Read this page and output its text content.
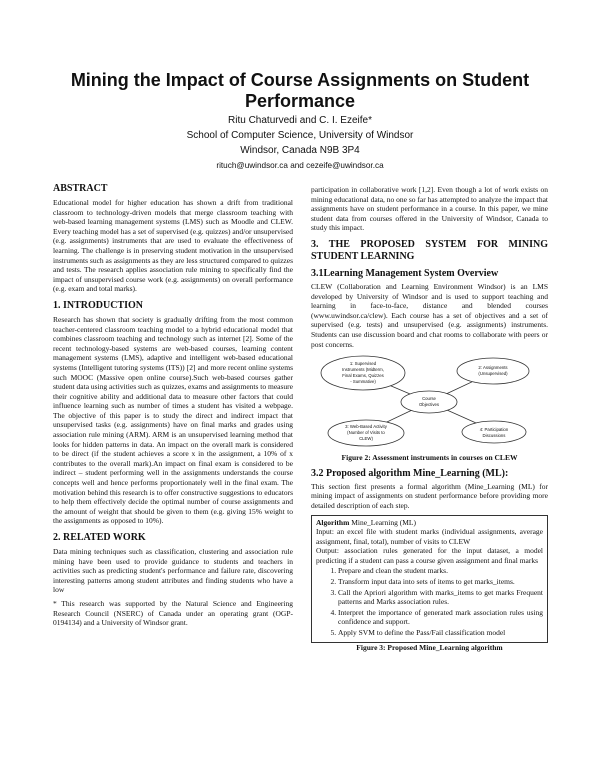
Mining the Impact of Course Assignments on Student Performance
Ritu Chaturvedi and C. I. Ezeife*
School of Computer Science, University of Windsor
Windsor, Canada N9B 3P4
rituch@uwindsor.ca and cezeife@uwindsor.ca
ABSTRACT

Educational model for higher education has shown a drift from traditional classroom to technology-driven models that merge classroom teaching with web-based learning management systems (LMS) such as Moodle and CLEW. Every teaching model has a set of supervised (e.g. quizzes) and/or unsupervised (e.g. assignments) instruments that are used to evaluate the effectiveness of learning. The challenge is in preserving student motivation in the unsupervised instruments such as assignments as they are less structured compared to quizzes and tests. The research applies association rule mining to specifically find the impact of unsupervised course work (e.g. assignments) on overall performance (e.g. exam and total marks).

1. INTRODUCTION

Research has shown that society is gradually drifting from the most common teacher-centered classroom teaching model to a hybrid educational model that combines classroom teaching and technology such as internet [2]. Some of the recent technology-based systems are web-based courses, learning content management systems (LMS), adaptive and intelligent web-based educational systems (Intelligent tutoring systems (ITS)) [2] and more recent online systems such MOOC (Massive open online course).Such web-based courses gather student data using activities such as quizzes, exams and assignments to measure their cognitive ability and additional data to measure other factors that could influence learning such as number of times a student has visited a webpage. The objective of this paper is to study the direct and indirect impact that unsupervised tasks (e.g. assignments) have on final marks and grades using association rule mining (ARM). ARM is an unsupervised learning method that looks for hidden patterns in data. An impact on the overall mark is considered to be direct (if the student achieves a score x in the assignment, a 10% of x contributes to the overall mark).An impact on final exam is considered to be indirect – student performing well in the assignments understands the course concepts well and hence performs proportionately well in the final exam. The motivation behind this research is to offer constructive suggestions to educators to help them effectively decide the optimal number of course assignments and the amount of weight that should be given to them (e.g. giving 15% weight to the assignments as opposed to 10%).

2. RELATED WORK

Data mining techniques such as classification, clustering and association rule mining have been used to provide guidance to students and teachers in activities such as predicting student's performance and failure rate, discovering interesting patterns among student attributes and finding students who have a low

* This research was supported by the Natural Science and Engineering Research Council (NSERC) of Canada under an operating grant (OGP-0194134) and a University of Windsor grant.

participation in collaborative work [1,2]. Even though a lot of work exists on mining educational data, no one so far has attempted to analyze the impact that assignments have on student performance in a course. In this paper, we mine student data from courses offered in the University of Windsor, Canada to study this impact.

3. THE PROPOSED SYSTEM FOR MINING STUDENT LEARNING
3.1Learning Management System Overview

CLEW (Collaboration and Learning Environment Windsor) is an LMS developed by University of Windsor and is used to support teaching and learning in face-to-face, distance and blended courses (www.uwindsor.ca/clew). Each course has a set of objectives and a set of supervised (e.g. tests) and unsupervised (e.g. assignments) instruments. Students can use discussion board and chat rooms to collaborate with peers or post concerns.

1: Supervised
Instruments (Midterm,
Final Exams, Quizzes
- Summative)
2: Assignments
(Unsupervised)
Course
Objectives
3: Web-Based Activity
(Number of Visits to
CLEW)
4: Participation
Discussions
Figure 2: Assessment instruments in courses on CLEW
3.2 Proposed algorithm Mine_Learning (ML):

This section first presents a formal algorithm (Mine_Learning (ML) for mining impact of assignments on student performance before providing more detailed description of each step.

Algorithm Mine_Learning (ML)
Input: an excel file with student marks (individual assignments, average assignment, final, total), number of visits to CLEW
Output: association rules generated for the input dataset, a model predicting if a student can pass a course given assignment and final marks
1. Prepare and clean the student marks.
2. Transform input data into sets of items to get marks_items.
3. Call the Apriori algorithm with marks_items to get marks Frequent patterns and Marks association rules.
4. Interpret the importance of generated mark association rules using confidence and support.
5. Apply SVM to define the Pass/Fail classification model
Figure 3: Proposed Mine_Learning algorithm
